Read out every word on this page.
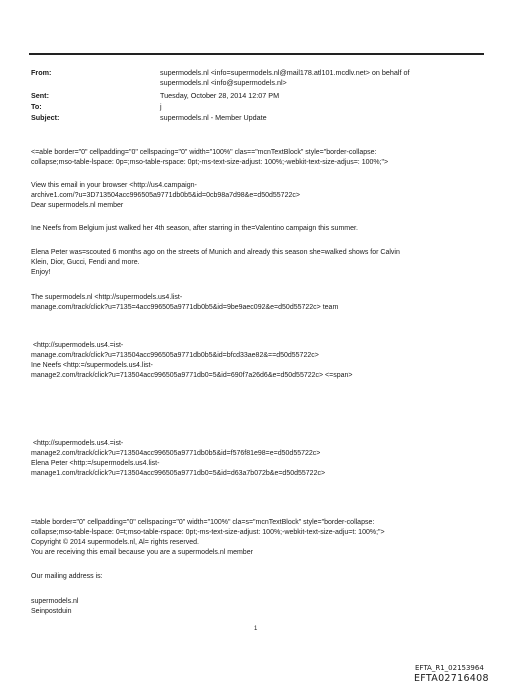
From:	supermodels.nl <info=supermodels.nl@mail178.atl101.mcdlv.net> on behalf of
supermodels.nl <info@supermodels.nl>
Sent:	Tuesday, October 28, 2014 12:07 PM
To:	j
Subject:	supermodels.nl - Member Update
<=able border="0" cellpadding="0" cellspacing="0" width="100%" clas=="mcnTextBlock" style="border-collapse:
collapse;mso-table-lspace: 0p=;mso-table-rspace: 0pt;-ms-text-size-adjust: 100%;-webkit-text-size-adjus=: 100%;">
View this email in your browser <http://us4.campaign-
archive1.com/?u=3D713504acc996505a9771db0b5&id=0cb98a7d98&e=d50d55722c>
Dear supermodels.nl member
Ine Neefs from Belgium just walked her 4th season, after starring in the=Valentino campaign this summer.
Elena Peter was=scouted 6 months ago on the streets of Munich and already this season she=walked shows for Calvin
Klein, Dior, Gucci, Fendi and more.
Enjoy!
The supermodels.nl <http://supermodels.us4.list-
manage.com/track/click?u=7135=4acc996505a9771db0b5&id=9be9aec092&e=d50d55722c> team
<http://supermodels.us4.=ist-
manage.com/track/click?u=713504acc996505a9771db0b5&id=bfcd33ae82&==d50d55722c>
Ine Neefs <http:=/supermodels.us4.list-
manage2.com/track/click?u=713504acc996505a9771db0=5&id=690f7a26d6&e=d50d55722c> <=span>
<http://supermodels.us4.=ist-
manage2.com/track/click?u=713504acc996505a9771db0b5&id=f576f81e98=e=d50d55722c>
Elena Peter <http:=/supermodels.us4.list-
manage1.com/track/click?u=713504acc996505a9771db0=5&id=d63a7b072b&e=d50d55722c>
=table border="0" cellpadding="0" cellspacing="0" width="100%" cla=s="mcnTextBlock" style="border-collapse:
collapse;mso-table-lspace: 0=t;mso-table-rspace: 0pt;-ms-text-size-adjust: 100%;-webkit-text-size-adju=t: 100%;">
Copyright © 2014 supermodels.nl, Al= rights reserved.
You are receiving this email because you are a supermodels.nl member
Our mailing address is:
supermodels.nl
Seinpostduin
1
EFTA_R1_02153964
EFTA02716408
